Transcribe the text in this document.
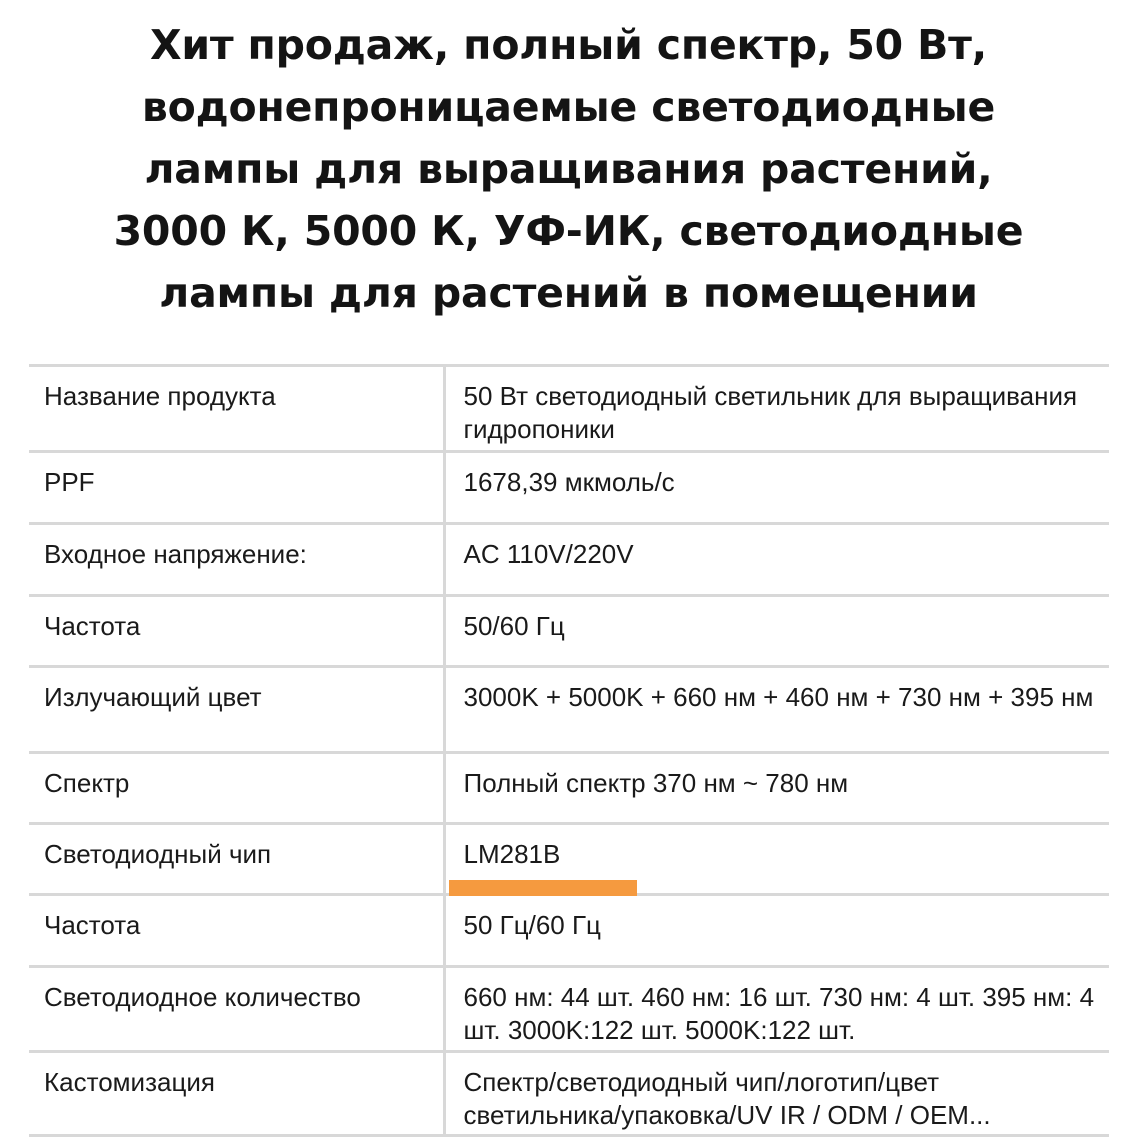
Хит продаж, полный спектр, 50 Вт,
водонепроницаемые светодиодные
лампы для выращивания растений,
3000 К, 5000 К, УФ-ИК, светодиодные
лампы для растений в помещении
Название продукта	50 Вт светодиодный светильник для выращивания гидропоники
PPF	1678,39 мкмоль/с
Входное напряжение:	AC 110V/220V
Частота	50/60 Гц
Излучающий цвет	3000K + 5000K + 660 нм + 460 нм + 730 нм + 395 нм
Спектр	Полный спектр 370 нм ~ 780 нм
Светодиодный чип	LM281B

Частота	50 Гц/60 Гц
Светодиодное количество	660 нм: 44 шт. 460 нм: 16 шт. 730 нм: 4 шт. 395 нм: 4 шт. 3000K:122 шт. 5000K:122 шт.
Кастомизация	Спектр/светодиодный чип/логотип/цвет светильника/упаковка/UV IR / ODM / OEM...
